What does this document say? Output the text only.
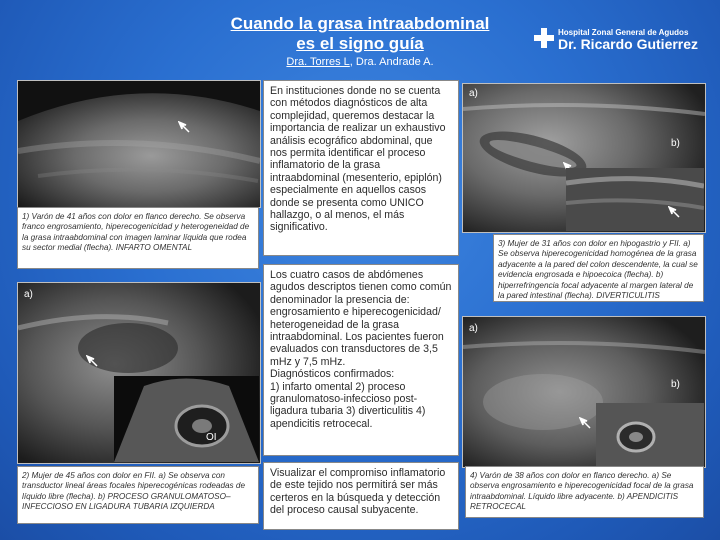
Cuando la grasa intraabdominal
es el signo guía
Dra. Torres L, Dra. Andrade A.
Hospital Zonal General de Agudos
Dr. Ricardo Gutierrez
1) Varón de 41 años con dolor en flanco derecho. Se observa franco engrosamiento, hiperecogenicidad y heterogeneidad de la grasa intraabdominal con imagen laminar líquida que rodea su sector medial (flecha). INFARTO OMENTAL
a)
OI
2) Mujer de 45 años con dolor en FII. a) Se observa con transductor lineal áreas focales hiperecogénicas rodeadas de líquido libre (flecha). b) PROCESO GRANULOMATOSO–INFECCIOSO EN LIGADURA TUBARIA IZQUIERDA

En instituciones donde no se cuenta con métodos diagnósticos de alta complejidad, queremos destacar la importancia de realizar un exhaustivo análisis ecográfico abdominal, que nos permita identificar el proceso inflamatorio de la grasa intraabdominal (mesenterio, epiplón) especialmente en aquellos casos donde se presenta como UNICO hallazgo, o al menos, el más significativo.

Los cuatro casos de abdómenes agudos descriptos tienen como común denominador la presencia de: engrosamiento e hiperecogenicidad/ heterogeneidad de la grasa intraabdominal. Los pacientes fueron evaluados con transductores de 3,5 mHz y 7,5 mHz.

Diagnósticos confirmados:

1) infarto omental 2) proceso granulomatoso-infeccioso post-ligadura tubaria 3) diverticulitis 4) apendicitis retrocecal.

Visualizar el compromiso inflamatorio de este tejido nos permitirá ser más certeros en la búsqueda y detección del proceso causal subyacente.

a)
b)
3) Mujer de 31 años con dolor en hipogastrio y FII. a) Se observa hiperecogenicidad homogénea de la grasa adyacente a la pared del colon descendente, la cual se evidencia engrosada e hipoecoica (flecha). b) hiperrefringencia focal adyacente al margen lateral de la pared intestinal (flecha). DIVERTICULITIS
a)
b)
4) Varón de 38 años con dolor en flanco derecho. a) Se observa engrosamiento e hiperecogenicidad focal de la grasa intraabdominal. Líquido libre adyacente. b) APENDICITIS RETROCECAL
